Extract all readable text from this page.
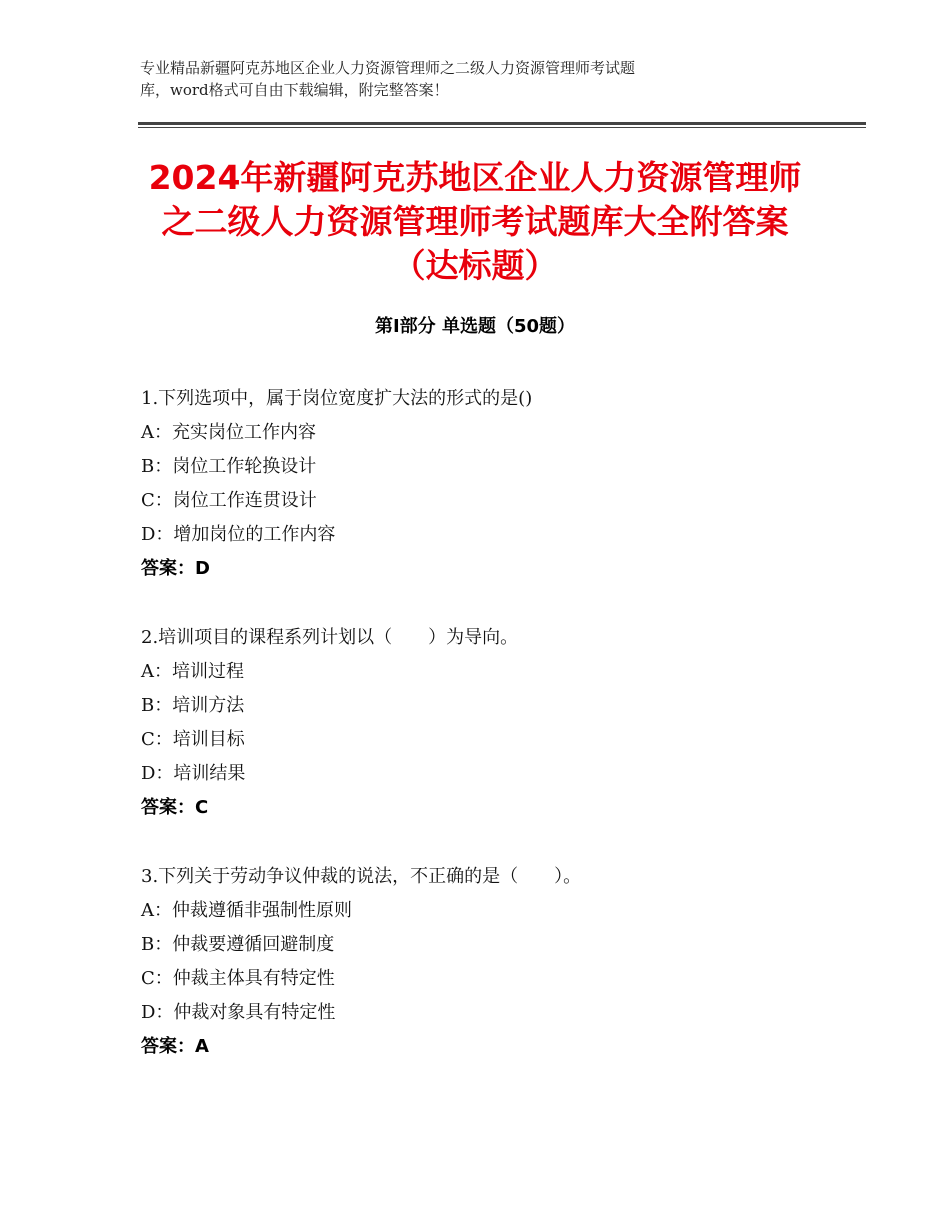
专业精品新疆阿克苏地区企业人力资源管理师之二级人力资源管理师考试题
库，word格式可自由下载编辑，附完整答案！
2024年新疆阿克苏地区企业人力资源管理师
之二级人力资源管理师考试题库大全附答案
（达标题）
第Ⅰ部分 单选题（50题）
1.下列选项中，属于岗位宽度扩大法的形式的是()
A：充实岗位工作内容
B：岗位工作轮换设计
C：岗位工作连贯设计
D：增加岗位的工作内容
答案：D
2.培训项目的课程系列计划以（　　）为导向。
A：培训过程
B：培训方法
C：培训目标
D：培训结果
答案：C
3.下列关于劳动争议仲裁的说法，不正确的是（　　）。
A：仲裁遵循非强制性原则
B：仲裁要遵循回避制度
C：仲裁主体具有特定性
D：仲裁对象具有特定性
答案：A
